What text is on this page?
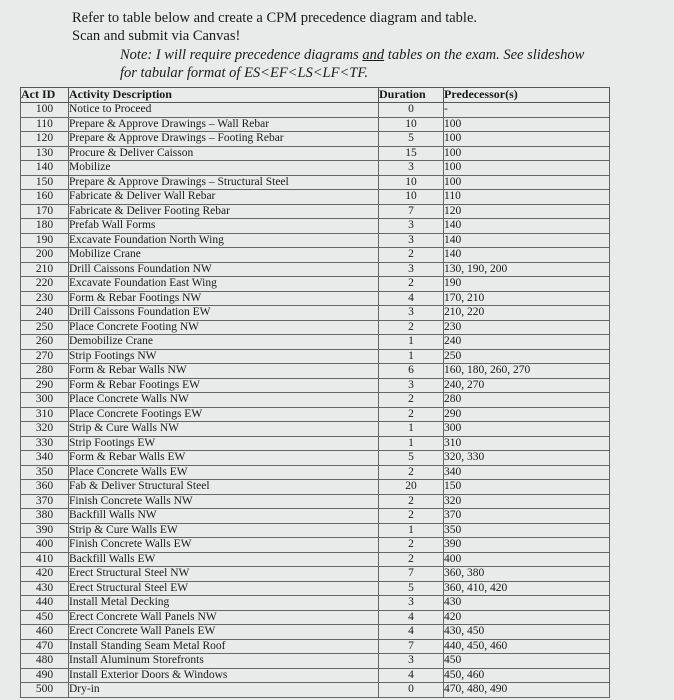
Refer to table below and create a CPM precedence diagram and table.
Scan and submit via Canvas!
Note: I will require precedence diagrams and tables on the exam. See slideshow
for tabular format of ES<EF<LS<LF<TF.
Act ID	Activity Description	Duration	Predecessor(s)
100	Notice to Proceed	0	-
110	Prepare & Approve Drawings – Wall Rebar	10	100
120	Prepare & Approve Drawings – Footing Rebar	5	100
130	Procure & Deliver Caisson	15	100
140	Mobilize	3	100
150	Prepare & Approve Drawings – Structural Steel	10	100
160	Fabricate & Deliver Wall Rebar	10	110
170	Fabricate & Deliver Footing Rebar	7	120
180	Prefab Wall Forms	3	140
190	Excavate Foundation North Wing	3	140
200	Mobilize Crane	2	140
210	Drill Caissons Foundation NW	3	130, 190, 200
220	Excavate Foundation East Wing	2	190
230	Form & Rebar Footings NW	4	170, 210
240	Drill Caissons Foundation EW	3	210, 220
250	Place Concrete Footing NW	2	230
260	Demobilize Crane	1	240
270	Strip Footings NW	1	250
280	Form & Rebar Walls NW	6	160, 180, 260, 270
290	Form & Rebar Footings EW	3	240, 270
300	Place Concrete Walls NW	2	280
310	Place Concrete Footings EW	2	290
320	Strip & Cure Walls NW	1	300
330	Strip Footings EW	1	310
340	Form & Rebar Walls EW	5	320, 330
350	Place Concrete Walls EW	2	340
360	Fab & Deliver Structural Steel	20	150
370	Finish Concrete Walls NW	2	320
380	Backfill Walls NW	2	370
390	Strip & Cure Walls EW	1	350
400	Finish Concrete Walls EW	2	390
410	Backfill Walls EW	2	400
420	Erect Structural Steel NW	7	360, 380
430	Erect Structural Steel EW	5	360, 410, 420
440	Install Metal Decking	3	430
450	Erect Concrete Wall Panels NW	4	420
460	Erect Concrete Wall Panels EW	4	430, 450
470	Install Standing Seam Metal Roof	7	440, 450, 460
480	Install Aluminum Storefronts	3	450
490	Install Exterior Doors & Windows	4	450, 460
500	Dry-in	0	470, 480, 490
